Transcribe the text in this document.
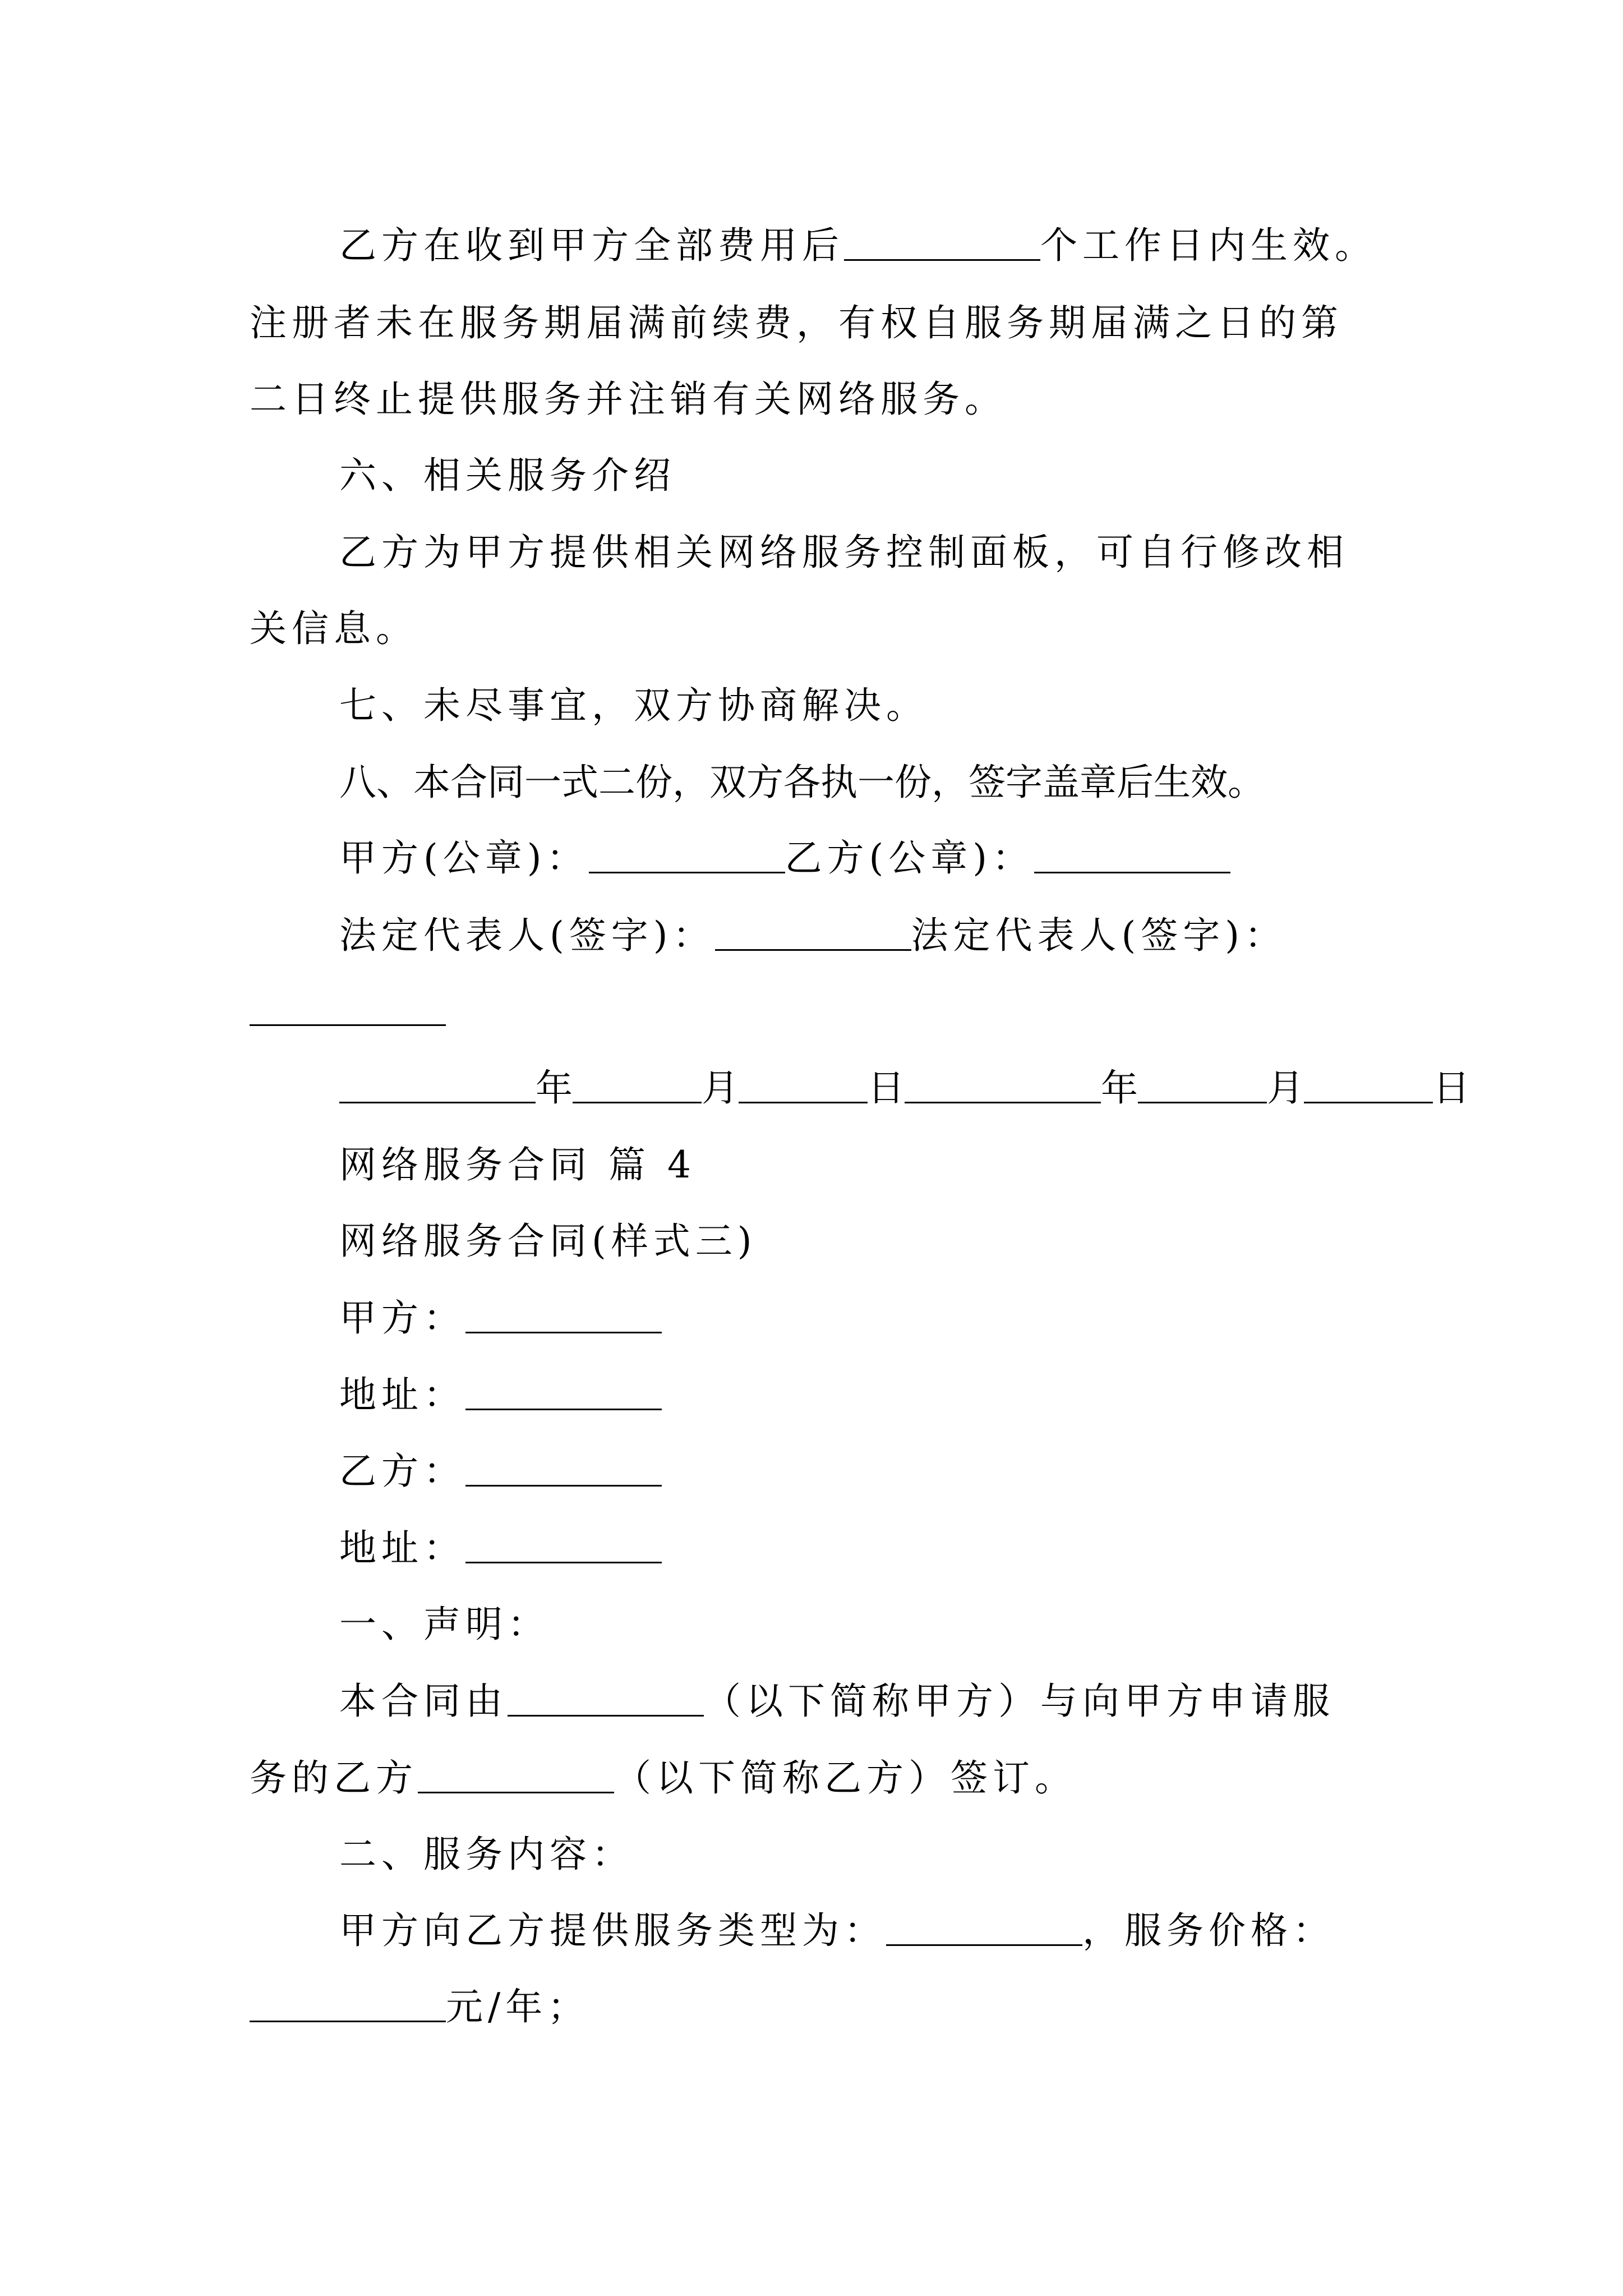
乙方在收到甲方全部费用后	个工作日内生效。
注册者未在服务期届满前续费，有权自服务期届满之日的第
二日终止提供服务并注销有关网络服务。
六、相关服务介绍
乙方为甲方提供相关网络服务控制面板，可自行修改相
关信息。
七、未尽事宜，双方协商解决。
八、本合同一式二份，双方各执一份，签字盖章后生效。
甲方(公章)：	乙方(公章)：
法定代表人(签字)：	法定代表人(签字)：
年	月	日	年	月	日
网络服务合同 篇 4
网络服务合同(样式三)
甲方：
地址：
乙方：
地址：
一、声明：
本合同由	（以下简称甲方）与向甲方申请服
务的乙方	（以下简称乙方）签订。
二、服务内容：
甲方向乙方提供服务类型为：	，服务价格：
元/年；
